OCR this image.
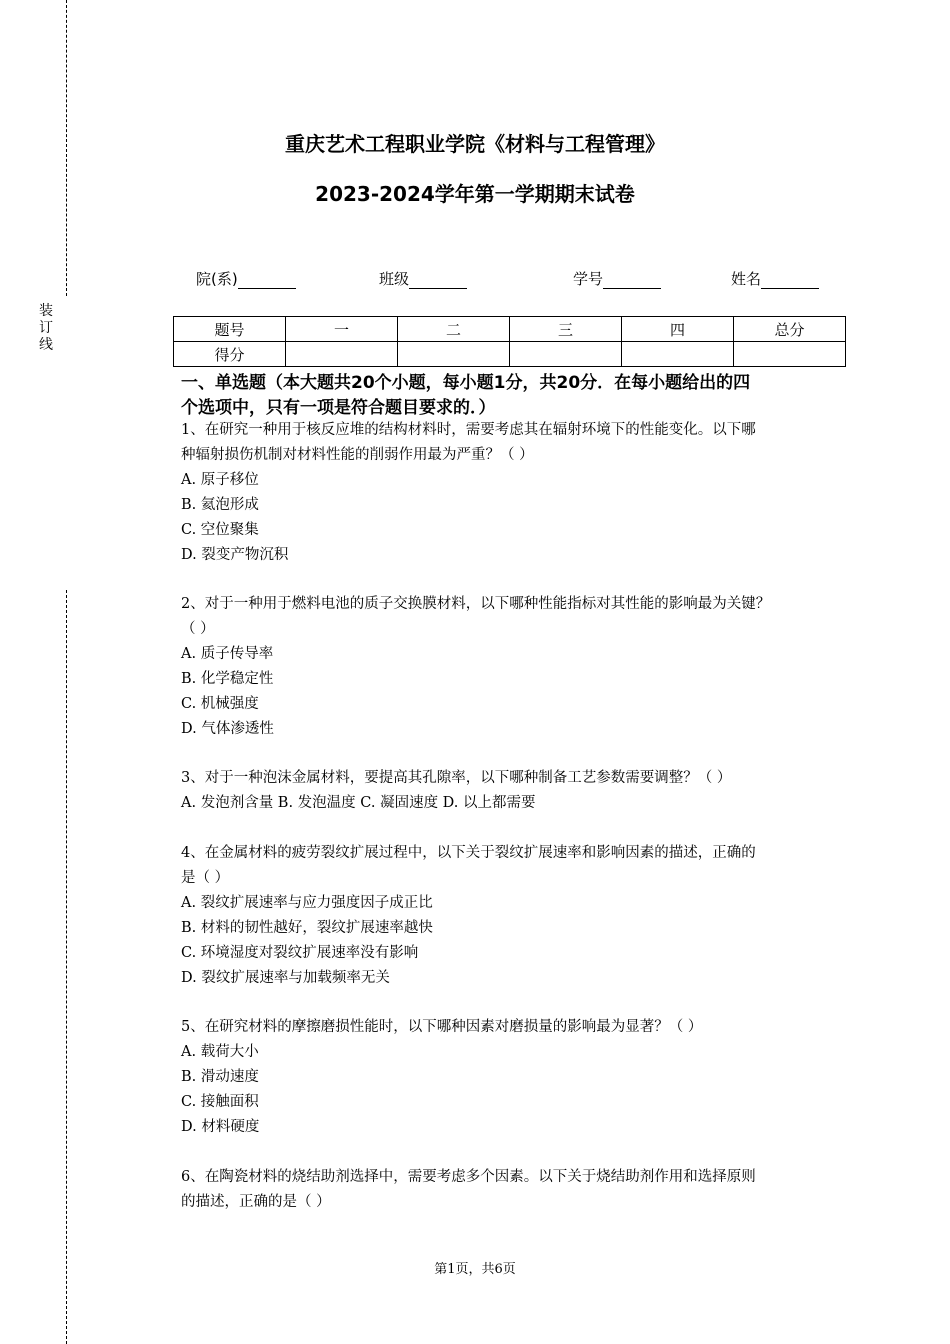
装
订
线
重庆艺术工程职业学院《材料与工程管理》
2023-2024学年第一学期期末试卷
院(系)	班级	学号	姓名
题号	一	二	三	四	总分
得分					
一、单选题（本大题共20个小题，每小题1分，共20分．在每小题给出的四
个选项中，只有一项是符合题目要求的．）
1、在研究一种用于核反应堆的结构材料时，需要考虑其在辐射环境下的性能变化。以下哪
种辐射损伤机制对材料性能的削弱作用最为严重？（ ）
A. 原子移位
B. 氦泡形成
C. 空位聚集
D. 裂变产物沉积
2、对于一种用于燃料电池的质子交换膜材料，以下哪种性能指标对其性能的影响最为关键？
（ ）
A. 质子传导率
B. 化学稳定性
C. 机械强度
D. 气体渗透性
3、对于一种泡沫金属材料，要提高其孔隙率，以下哪种制备工艺参数需要调整？（ ）
A. 发泡剂含量 B. 发泡温度 C. 凝固速度 D. 以上都需要
4、在金属材料的疲劳裂纹扩展过程中，以下关于裂纹扩展速率和影响因素的描述，正确的
是（ ）
A. 裂纹扩展速率与应力强度因子成正比
B. 材料的韧性越好，裂纹扩展速率越快
C. 环境湿度对裂纹扩展速率没有影响
D. 裂纹扩展速率与加载频率无关
5、在研究材料的摩擦磨损性能时，以下哪种因素对磨损量的影响最为显著？（ ）
A. 载荷大小
B. 滑动速度
C. 接触面积
D. 材料硬度
6、在陶瓷材料的烧结助剂选择中，需要考虑多个因素。以下关于烧结助剂作用和选择原则
的描述，正确的是（ ）
第1页，共6页
